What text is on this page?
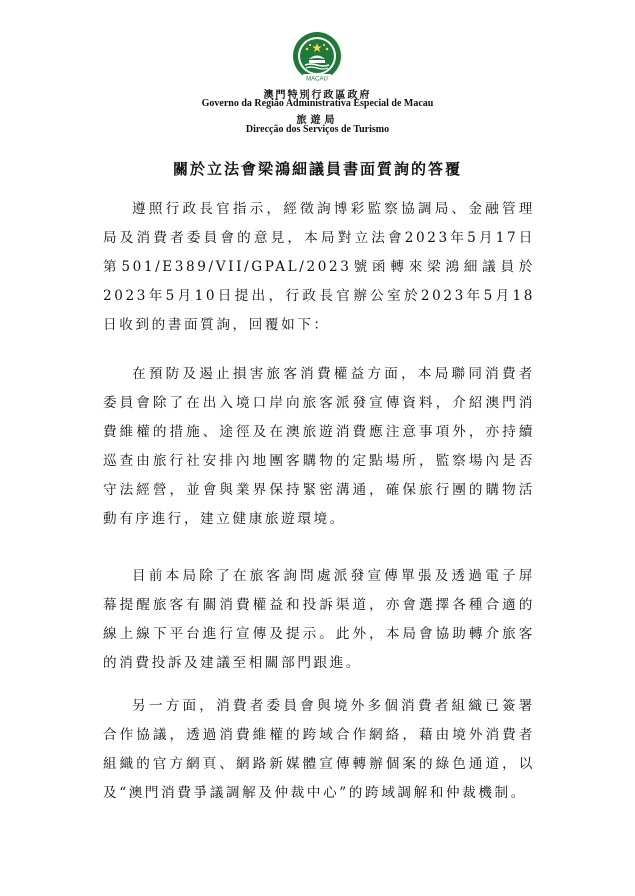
MACAU
澳門特別行政區政府
Governo da Região Administrativa Especial de Macau
旅遊局
Direcção dos Serviços de Turismo
關於立法會梁鴻細議員書面質詢的答覆

遵照行政長官指示，經徵詢博彩監察協調局、金融管理局及消費者委員會的意見，本局對立法會2023年5月17日第501/E389/VII/GPAL/2023號函轉來梁鴻細議員於2023年5月10日提出，行政長官辦公室於2023年5月18日收到的書面質詢，回覆如下：

在預防及遏止損害旅客消費權益方面，本局聯同消費者委員會除了在出入境口岸向旅客派發宣傳資料，介紹澳門消費維權的措施、途徑及在澳旅遊消費應注意事項外，亦持續巡查由旅行社安排內地團客購物的定點場所，監察場內是否守法經營，並會與業界保持緊密溝通，確保旅行團的購物活動有序進行，建立健康旅遊環境。

目前本局除了在旅客詢問處派發宣傳單張及透過電子屏幕提醒旅客有關消費權益和投訴渠道，亦會選擇各種合適的線上線下平台進行宣傳及提示。此外，本局會協助轉介旅客的消費投訴及建議至相關部門跟進。

另一方面，消費者委員會與境外多個消費者組織已簽署合作協議，透過消費維權的跨域合作網絡，藉由境外消費者組織的官方網頁、網路新媒體宣傳轉辦個案的綠色通道，以及“澳門消費爭議調解及仲裁中心”的跨域調解和仲裁機制。
